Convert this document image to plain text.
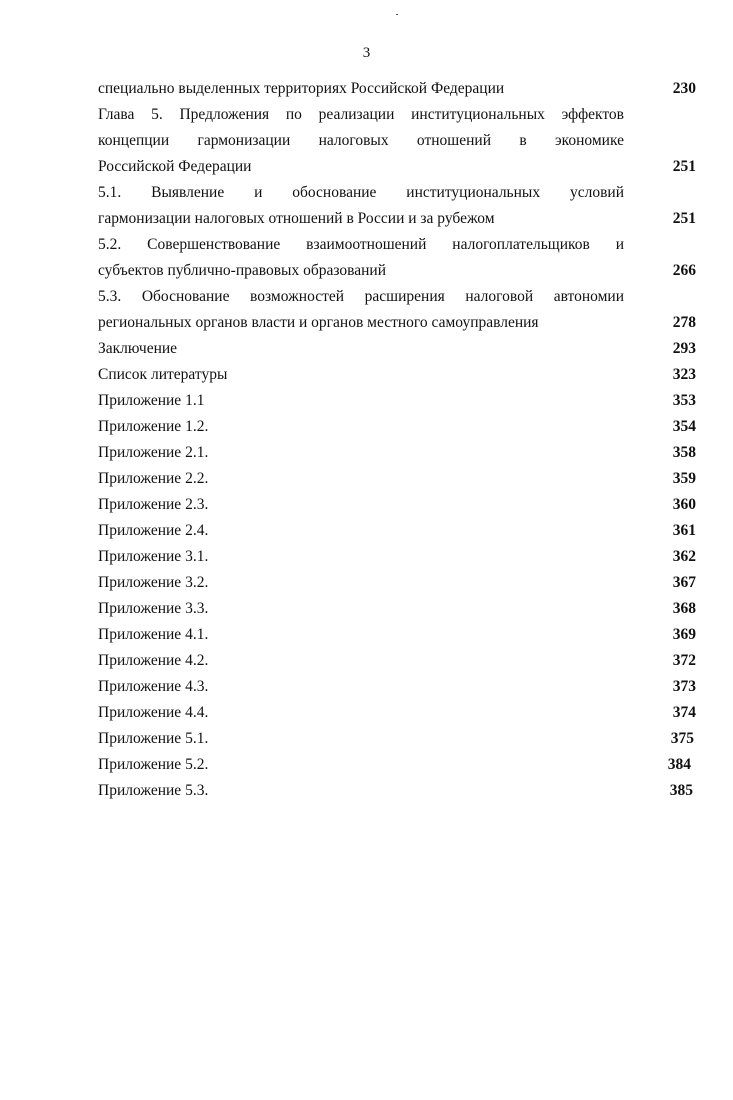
3
специально выделенных территориях Российской Федерации	230
Глава 5. Предложения по реализации институциональных эффектов
концепции гармонизации налоговых отношений в экономике
Российской Федерации	251
5.1. Выявление и обоснование институциональных условий
гармонизации налоговых отношений в России и за рубежом	251
5.2. Совершенствование взаимоотношений налогоплательщиков и
субъектов публично-правовых образований	266
5.3. Обоснование возможностей расширения налоговой автономии
региональных органов власти и органов местного самоуправления	278
Заключение	293
Список литературы	323
Приложение 1.1	353
Приложение 1.2.	354
Приложение 2.1.	358
Приложение 2.2.	359
Приложение 2.3.	360
Приложение 2.4.	361
Приложение 3.1.	362
Приложение 3.2.	367
Приложение 3.3.	368
Приложение 4.1.	369
Приложение 4.2.	372
Приложение 4.3.	373
Приложение 4.4.	374
Приложение 5.1.	375
Приложение 5.2.	384
Приложение 5.3.	385
